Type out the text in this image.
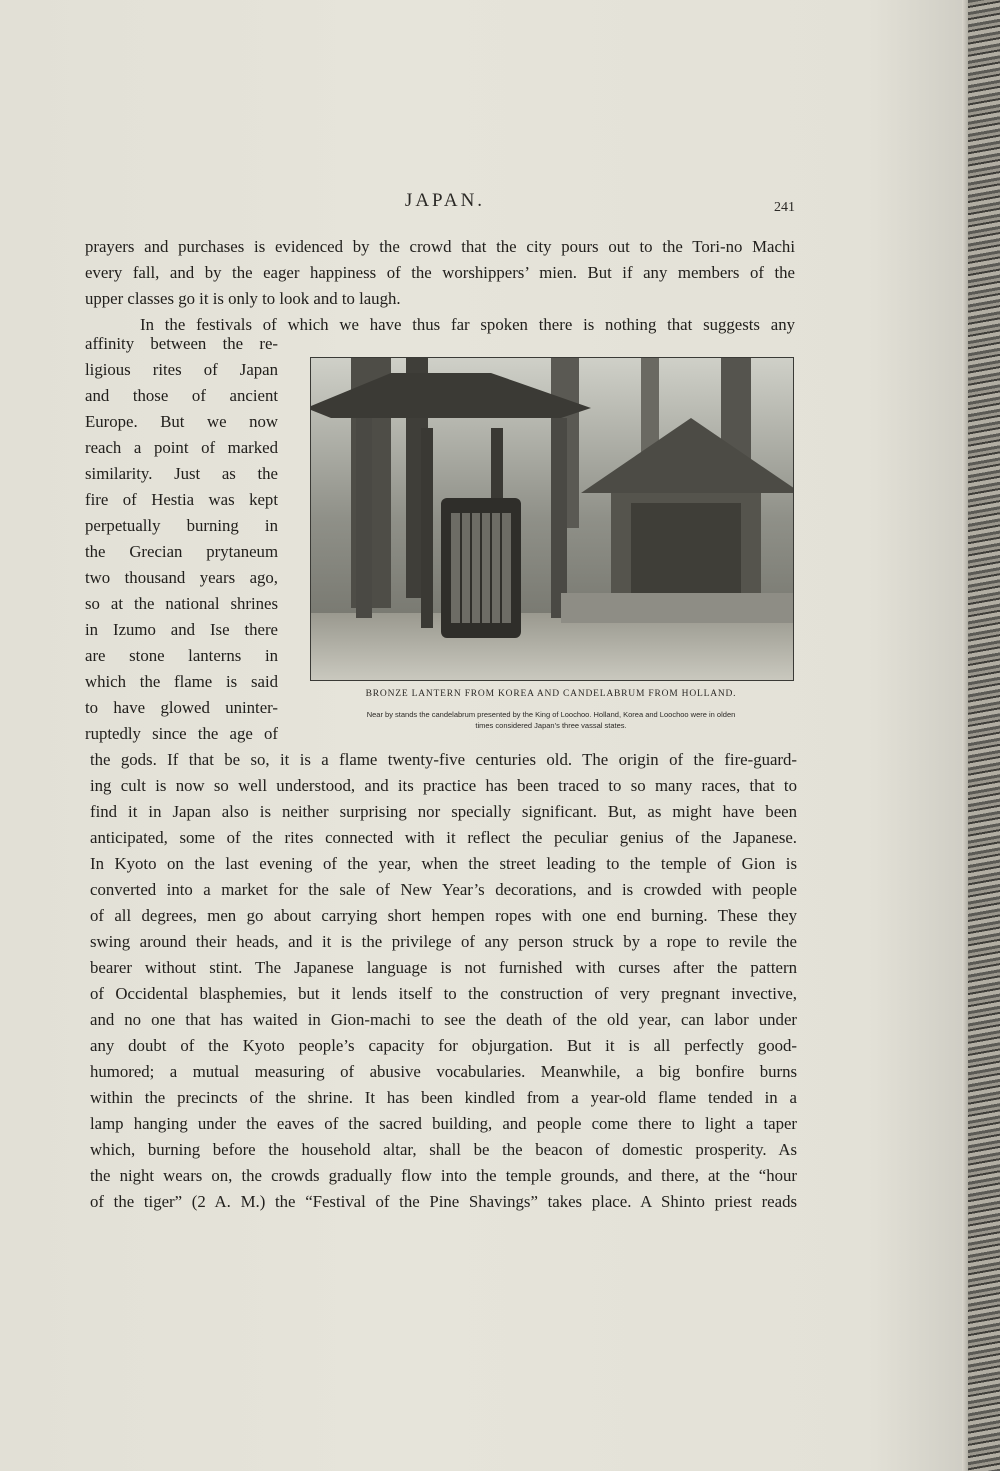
JAPAN.	241
prayers and purchases is evidenced by the crowd that the city pours out to the Tori-no Machi
every fall, and by the eager happiness of the worshippers’ mien. But if any members of the
upper classes go it is only to look and to laugh.
In the festivals of which we have thus far spoken there is nothing that suggests any
affinity between the re-
ligious rites of Japan
and those of ancient
Europe. But we now
reach a point of marked
similarity. Just as the
fire of Hestia was kept
perpetually burning in
the Grecian prytaneum
two thousand years ago,
so at the national shrines
in Izumo and Ise there
are stone lanterns in
which the flame is said
to have glowed uninter-
ruptedly since the age of
BRONZE LANTERN FROM KOREA AND CANDELABRUM FROM HOLLAND.
Near by stands the candelabrum presented by the King of Loochoo. Holland, Korea and Loochoo were in olden
times considered Japan’s three vassal states.
the gods. If that be so, it is a flame twenty-five centuries old. The origin of the fire-guard-
ing cult is now so well understood, and its practice has been traced to so many races, that to
find it in Japan also is neither surprising nor specially significant. But, as might have been
anticipated, some of the rites connected with it reflect the peculiar genius of the Japanese.
In Kyoto on the last evening of the year, when the street leading to the temple of Gion is
converted into a market for the sale of New Year’s decorations, and is crowded with people
of all degrees, men go about carrying short hempen ropes with one end burning. These they
swing around their heads, and it is the privilege of any person struck by a rope to revile the
bearer without stint. The Japanese language is not furnished with curses after the pattern
of Occidental blasphemies, but it lends itself to the construction of very pregnant invective,
and no one that has waited in Gion-machi to see the death of the old year, can labor under
any doubt of the Kyoto people’s capacity for objurgation. But it is all perfectly good-
humored; a mutual measuring of abusive vocabularies. Meanwhile, a big bonfire burns
within the precincts of the shrine. It has been kindled from a year-old flame tended in a
lamp hanging under the eaves of the sacred building, and people come there to light a taper
which, burning before the household altar, shall be the beacon of domestic prosperity. As
the night wears on, the crowds gradually flow into the temple grounds, and there, at the “hour
of the tiger” (2 A. M.) the “Festival of the Pine Shavings” takes place. A Shinto priest reads
